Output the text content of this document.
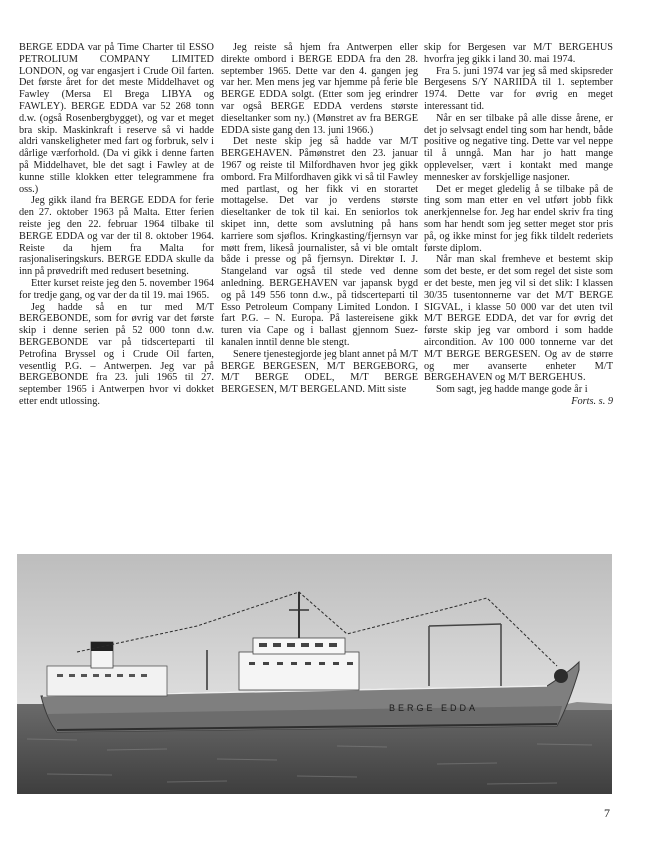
BERGE EDDA var på Time Charter til ESSO PETROLIUM COMPANY LIMITED LONDON, og var engasjert i Crude Oil farten. Det første året for det meste Middelhavet og Fawley (Mersa El Brega LIBYA og FAWLEY). BERGE EDDA var 52 268 tonn d.w. (også Rosenbergbygget), og var et meget bra skip. Maskinkraft i reserve så vi hadde aldri vanskeligheter med fart og forbruk, selv i dårlige værforhold. (Da vi gikk i denne farten på Middelhavet, ble det sagt i Fawley at de kunne stille klokken etter telegrammene fra oss.)

Jeg gikk iland fra BERGE EDDA for ferie den 27. oktober 1963 på Malta. Etter ferien reiste jeg den 22. februar 1964 tilbake til BERGE EDDA og var der til 8. oktober 1964. Reiste da hjem fra Malta for rasjonaliseringskurs. BERGE EDDA skulle da inn på prøvedrift med redusert besetning.

Etter kurset reiste jeg den 5. november 1964 for tredje gang, og var der da til 19. mai 1965.

Jeg hadde så en tur med M/T BERGEBONDE, som for øvrig var det første skip i denne serien på 52 000 tonn d.w. BERGEBONDE var på tidscerteparti til Petrofina Bryssel og i Crude Oil farten, vesentlig P.G. – Antwerpen. Jeg var på BERGEBONDE fra 23. juli 1965 til 27. september 1965 i Antwerpen hvor vi dokket etter endt utlossing.

Jeg reiste så hjem fra Antwerpen eller direkte ombord i BERGE EDDA fra den 28. september 1965. Dette var den 4. gangen jeg var her. Men mens jeg var hjemme på ferie ble BERGE EDDA solgt. (Etter som jeg erindrer var også BERGE EDDA verdens største dieseltanker som ny.) (Mønstret av fra BERGE EDDA siste gang den 13. juni 1966.)

Det neste skip jeg så hadde var M/T BERGEHAVEN. Påmønstret den 23. januar 1967 og reiste til Milfordhaven hvor jeg gikk ombord. Fra Milfordhaven gikk vi så til Fawley med partlast, og her fikk vi en storartet mottagelse. Det var jo verdens største dieseltanker de tok til kai. En seniorlos tok skipet inn, dette som avslutning på hans karriere som sjøflos. Kringkasting/fjernsyn var møtt frem, likeså journalister, så vi ble omtalt både i presse og på fjernsyn. Direktør I. J. Stangeland var også til stede ved denne anledning. BERGEHAVEN var japansk bygd og på 149 556 tonn d.w., på tidscerteparti til Esso Petroleum Company Limited London. I fart P.G. – N. Europa. På lastereisene gikk turen via Cape og i ballast gjennom Suez-kanalen inntil denne ble stengt.

Senere tjenestegjorde jeg blant annet på M/T BERGE BERGESEN, M/T BERGEBORG, M/T BERGE ODEL, M/T BERGE BERGESEN, M/T BERGELAND. Mitt siste

skip for Bergesen var M/T BERGEHUS hvorfra jeg gikk i land 30. mai 1974.

Fra 5. juni 1974 var jeg så med skipsreder Bergesens S/Y NARIIDA til 1. september 1974. Dette var for øvrig en meget interessant tid.

Når en ser tilbake på alle disse årene, er det jo selvsagt endel ting som har hendt, både positive og negative ting. Dette var vel neppe til å unngå. Man har jo hatt mange opplevelser, vært i kontakt med mange mennesker av forskjellige nasjoner.

Det er meget gledelig å se tilbake på de ting som man etter en vel utført jobb fikk anerkjennelse for. Jeg har endel skriv fra ting som har hendt som jeg setter meget stor pris på, og ikke minst for jeg fikk tildelt rederiets første diplom.

Når man skal fremheve et bestemt skip som det beste, er det som regel det siste som er det beste, men jeg vil si det slik: I klassen 30/35 tusentonnerne var det M/T BERGE SIGVAL, i klasse 50 000 var det uten tvil M/T BERGE EDDA, det var for øvrig det første skip jeg var ombord i som hadde aircondition. Av 100 000 tonnerne var det M/T BERGE BERGESEN. Og av de større og mer avanserte enheter M/T BERGEHAVEN og M/T BERGEHUS.

Som sagt, jeg hadde mange gode år i

Forts. s. 9

BERGE EDDA
7
